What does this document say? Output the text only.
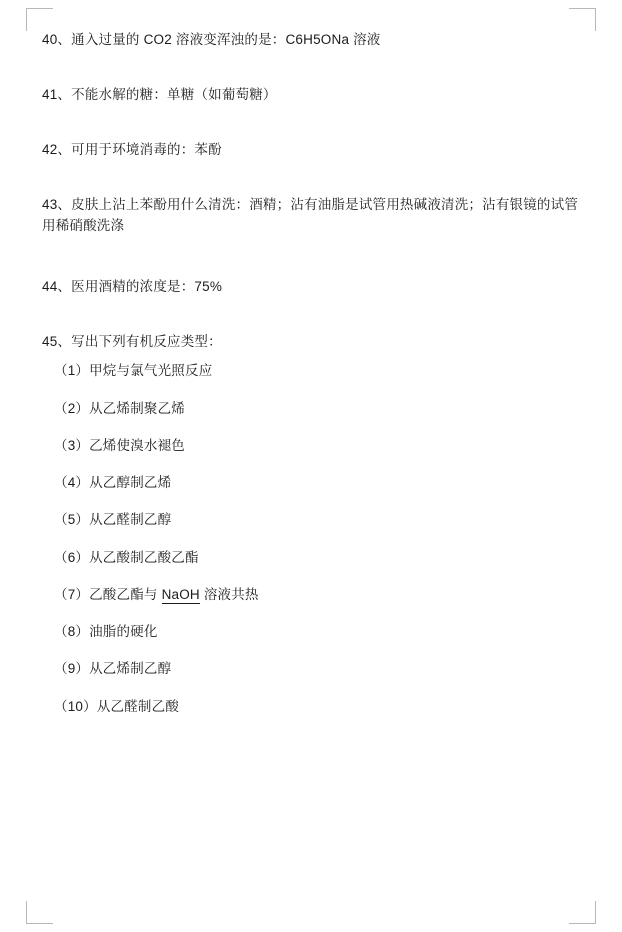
40、通入过量的 CO2 溶液变浑浊的是：C6H5ONa 溶液

41、不能水解的糖：单糖（如葡萄糖）

42、可用于环境消毒的：苯酚

43、皮肤上沾上苯酚用什么清洗：酒精；沾有油脂是试管用热碱液清洗；沾有银镜的试管用稀硝酸洗涤

44、医用酒精的浓度是：75%

45、写出下列有机反应类型：

（1）甲烷与氯气光照反应
（2）从乙烯制聚乙烯
（3）乙烯使溴水褪色
（4）从乙醇制乙烯
（5）从乙醛制乙醇
（6）从乙酸制乙酸乙酯
（7）乙酸乙酯与 NaOH 溶液共热
（8）油脂的硬化
（9）从乙烯制乙醇
（10）从乙醛制乙酸
